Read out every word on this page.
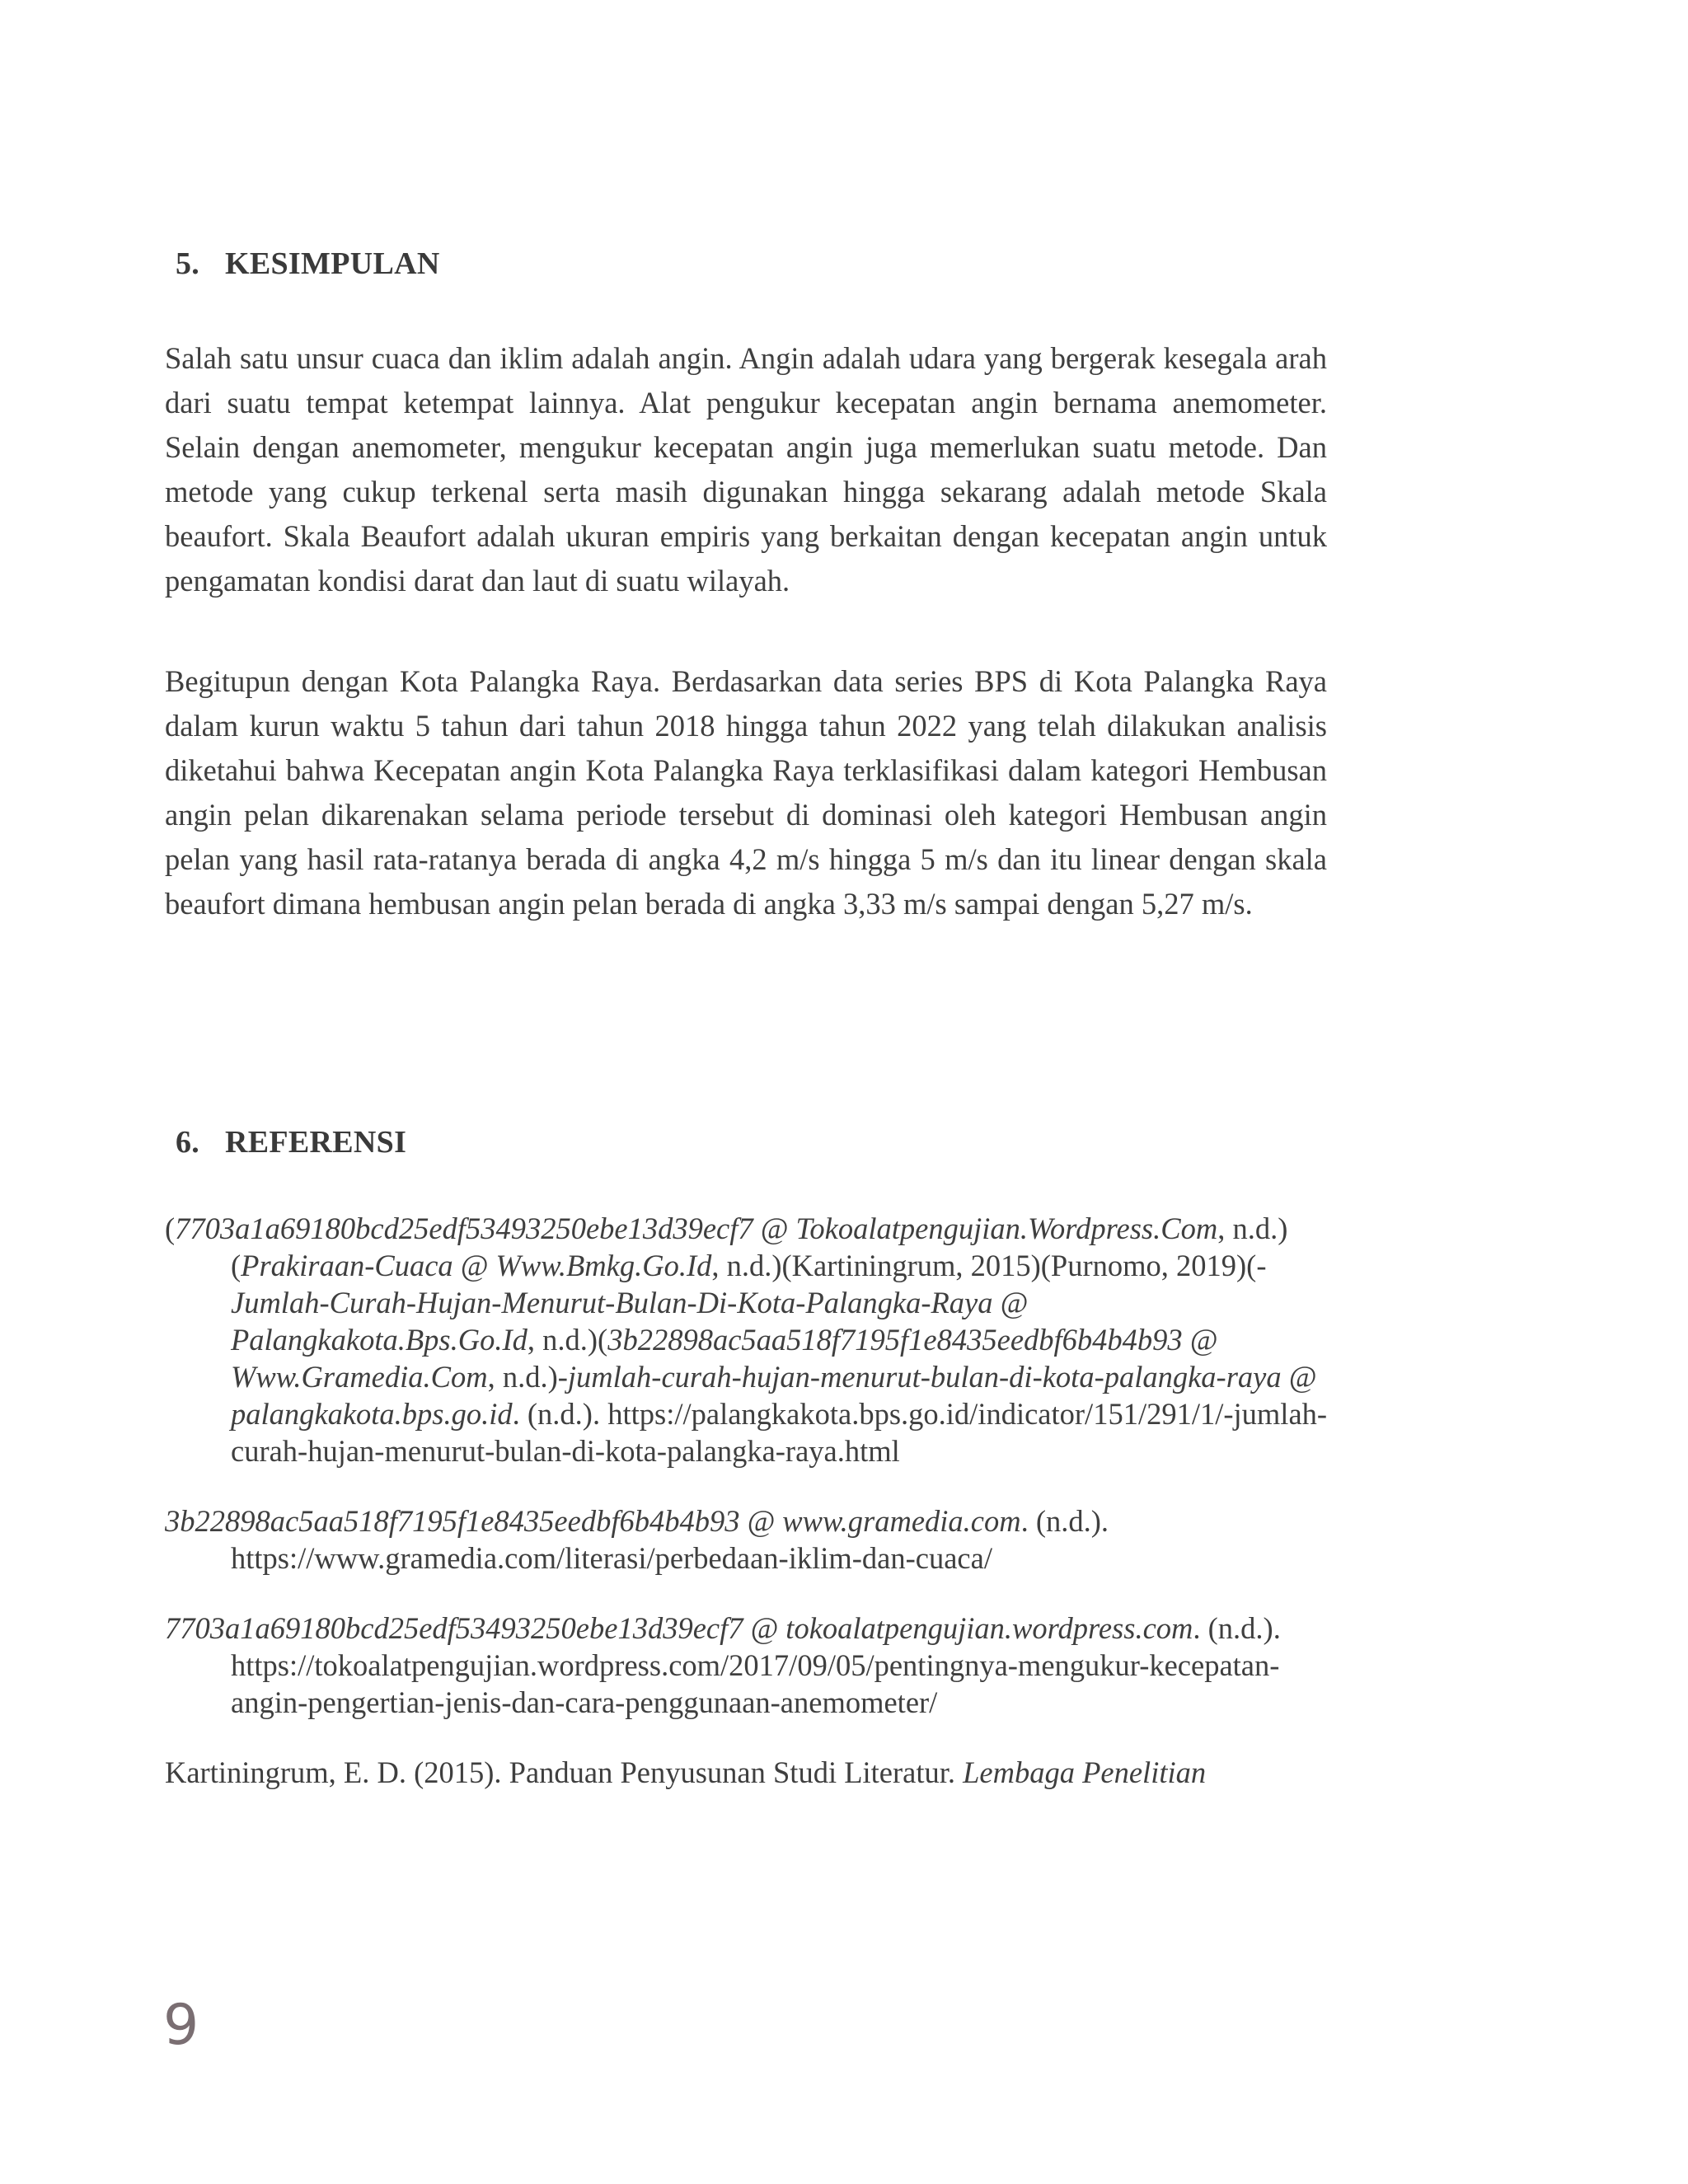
5. KESIMPULAN
Salah satu unsur cuaca dan iklim adalah angin. Angin adalah udara yang bergerak kesegala arah dari suatu tempat ketempat lainnya. Alat pengukur kecepatan angin bernama anemometer. Selain dengan anemometer, mengukur kecepatan angin juga memerlukan suatu metode. Dan metode yang cukup terkenal serta masih digunakan hingga sekarang adalah metode Skala beaufort. Skala Beaufort adalah ukuran empiris yang berkaitan dengan kecepatan angin untuk pengamatan kondisi darat dan laut di suatu wilayah.
Begitupun dengan Kota Palangka Raya. Berdasarkan data series BPS di Kota Palangka Raya dalam kurun waktu 5 tahun dari tahun 2018 hingga tahun 2022 yang telah dilakukan analisis diketahui bahwa Kecepatan angin Kota Palangka Raya terklasifikasi dalam kategori Hembusan angin pelan dikarenakan selama periode tersebut di dominasi oleh kategori Hembusan angin pelan yang hasil rata-ratanya berada di angka 4,2 m/s hingga 5 m/s dan itu linear dengan skala beaufort dimana hembusan angin pelan berada di angka 3,33 m/s sampai dengan 5,27 m/s.
6. REFERENSI

(7703a1a69180bcd25edf53493250ebe13d39ecf7 @ Tokoalatpengujian.Wordpress.Com, n.d.)(Prakiraan-Cuaca @ Www.Bmkg.Go.Id, n.d.)(Kartiningrum, 2015)(Purnomo, 2019)(-Jumlah-Curah-Hujan-Menurut-Bulan-Di-Kota-Palangka-Raya @ Palangkakota.Bps.Go.Id, n.d.)(3b22898ac5aa518f7195f1e8435eedbf6b4b4b93 @ Www.Gramedia.Com, n.d.)-jumlah-curah-hujan-menurut-bulan-di-kota-palangka-raya @ palangkakota.bps.go.id. (n.d.). https://palangkakota.bps.go.id/indicator/151/291/1/-jumlah-curah-hujan-menurut-bulan-di-kota-palangka-raya.html

3b22898ac5aa518f7195f1e8435eedbf6b4b4b93 @ www.gramedia.com. (n.d.). https://www.gramedia.com/literasi/perbedaan-iklim-dan-cuaca/

7703a1a69180bcd25edf53493250ebe13d39ecf7 @ tokoalatpengujian.wordpress.com. (n.d.). https://tokoalatpengujian.wordpress.com/2017/09/05/pentingnya-mengukur-kecepatan-angin-pengertian-jenis-dan-cara-penggunaan-anemometer/

Kartiningrum, E. D. (2015). Panduan Penyusunan Studi Literatur. Lembaga Penelitian

9
